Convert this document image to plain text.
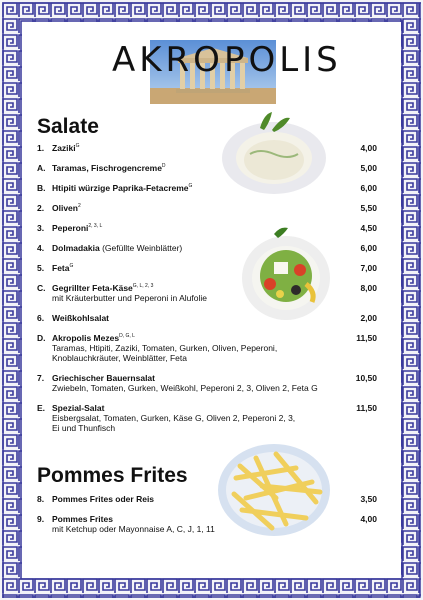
AKROPOLIS
Salate
1. Zaziki$^G$	4,00
A. Taramas, Fischrogencreme$^D$	5,00
B. Htipiti würzige Paprika-Fetacreme$^G$	6,00
2. Oliven$^2$	5,50
3. Peperoni$^{2, 3, L}$	4,50
4. Dolmadakia (Gefüllte Weinblätter)	6,00
5. Feta$^G$	7,00
C. Gegrillter Feta-Käse$^{G, L, 2, 3}$
mit Kräuterbutter und Peperoni in Alufolie
8,00
6. Weißkohlsalat	2,00
D. Akropolis Mezes$^{D, G, L}$
Taramas, Htipiti, Zaziki, Tomaten, Gurken, Oliven, Peperoni, Knoblauchkräuter, Weinblätter, Feta
11,50
7. Griechischer Bauernsalat
Zwiebeln, Tomaten, Gurken, Weißkohl, Peperoni 2, 3, Oliven 2, Feta G
10,50
E. Spezial-Salat
Eisbergsalat, Tomaten, Gurken, Käse G, Oliven 2, Peperoni 2, 3, Ei und Thunfisch
11,50
Pommes Frites
8. Pommes Frites oder Reis	3,50
9. Pommes Frites
mit Ketchup oder Mayonnaise A, C, J, 1, 11
4,00
